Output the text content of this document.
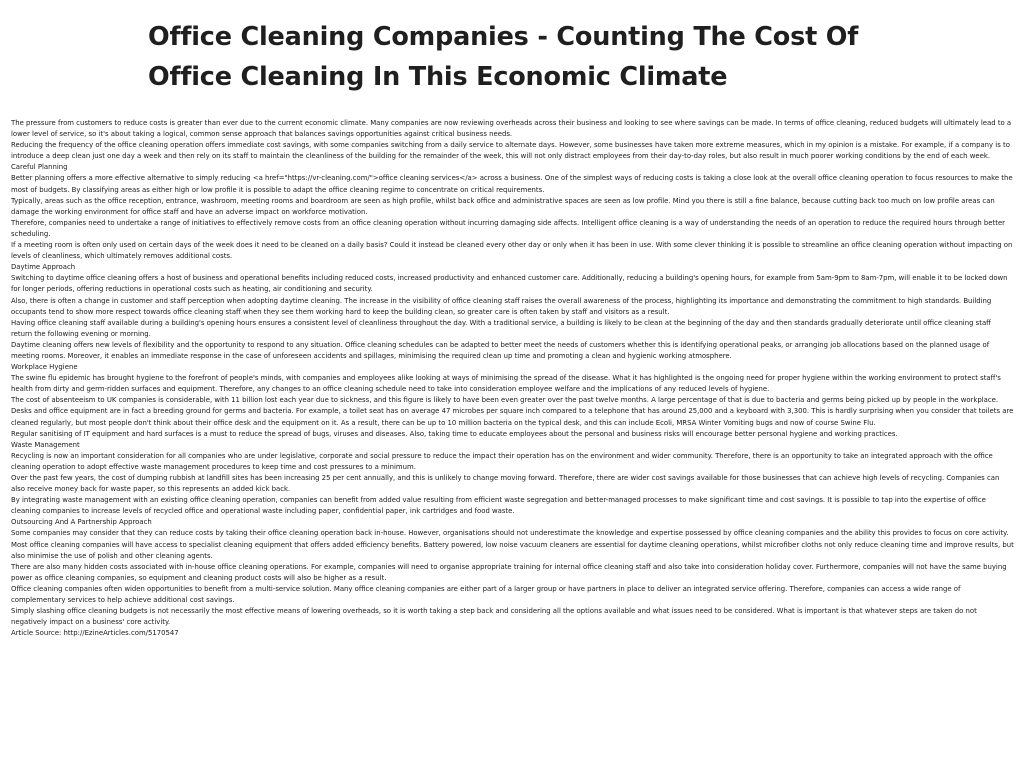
Office Cleaning Companies - Counting The Cost Of Office Cleaning In This Economic Climate

The pressure from customers to reduce costs is greater than ever due to the current economic climate. Many companies are now reviewing overheads across their business and looking to see where savings can be made. In terms of office cleaning, reduced budgets will ultimately lead to a lower level of service, so it's about taking a logical, common sense approach that balances savings opportunities against critical business needs.

Reducing the frequency of the office cleaning operation offers immediate cost savings, with some companies switching from a daily service to alternate days. However, some businesses have taken more extreme measures, which in my opinion is a mistake. For example, if a company is to introduce a deep clean just one day a week and then rely on its staff to maintain the cleanliness of the building for the remainder of the week, this will not only distract employees from their day-to-day roles, but also result in much poorer working conditions by the end of each week.

Careful Planning

Better planning offers a more effective alternative to simply reducing <a href="https://vr-cleaning.com/">office cleaning services</a> across a business. One of the simplest ways of reducing costs is taking a close look at the overall office cleaning operation to focus resources to make the most of budgets. By classifying areas as either high or low profile it is possible to adapt the office cleaning regime to concentrate on critical requirements.

Typically, areas such as the office reception, entrance, washroom, meeting rooms and boardroom are seen as high profile, whilst back office and administrative spaces are seen as low profile. Mind you there is still a fine balance, because cutting back too much on low profile areas can damage the working environment for office staff and have an adverse impact on workforce motivation.

Therefore, companies need to undertake a range of initiatives to effectively remove costs from an office cleaning operation without incurring damaging side affects. Intelligent office cleaning is a way of understanding the needs of an operation to reduce the required hours through better scheduling.

If a meeting room is often only used on certain days of the week does it need to be cleaned on a daily basis? Could it instead be cleaned every other day or only when it has been in use. With some clever thinking it is possible to streamline an office cleaning operation without impacting on levels of cleanliness, which ultimately removes additional costs.

Daytime Approach

Switching to daytime office cleaning offers a host of business and operational benefits including reduced costs, increased productivity and enhanced customer care. Additionally, reducing a building's opening hours, for example from 5am-9pm to 8am-7pm, will enable it to be locked down for longer periods, offering reductions in operational costs such as heating, air conditioning and security.

Also, there is often a change in customer and staff perception when adopting daytime cleaning. The increase in the visibility of office cleaning staff raises the overall awareness of the process, highlighting its importance and demonstrating the commitment to high standards. Building occupants tend to show more respect towards office cleaning staff when they see them working hard to keep the building clean, so greater care is often taken by staff and visitors as a result.

Having office cleaning staff available during a building's opening hours ensures a consistent level of cleanliness throughout the day. With a traditional service, a building is likely to be clean at the beginning of the day and then standards gradually deteriorate until office cleaning staff return the following evening or morning.

Daytime cleaning offers new levels of flexibility and the opportunity to respond to any situation. Office cleaning schedules can be adapted to better meet the needs of customers whether this is identifying operational peaks, or arranging job allocations based on the planned usage of meeting rooms. Moreover, it enables an immediate response in the case of unforeseen accidents and spillages, minimising the required clean up time and promoting a clean and hygienic working atmosphere.

Workplace Hygiene

The swine flu epidemic has brought hygiene to the forefront of people's minds, with companies and employees alike looking at ways of minimising the spread of the disease. What it has highlighted is the ongoing need for proper hygiene within the working environment to protect staff's health from dirty and germ-ridden surfaces and equipment. Therefore, any changes to an office cleaning schedule need to take into consideration employee welfare and the implications of any reduced levels of hygiene.

The cost of absenteeism to UK companies is considerable, with 11 billion lost each year due to sickness, and this figure is likely to have been even greater over the past twelve months. A large percentage of that is due to bacteria and germs being picked up by people in the workplace.

Desks and office equipment are in fact a breeding ground for germs and bacteria. For example, a toilet seat has on average 47 microbes per square inch compared to a telephone that has around 25,000 and a keyboard with 3,300. This is hardly surprising when you consider that toilets are cleaned regularly, but most people don't think about their office desk and the equipment on it. As a result, there can be up to 10 million bacteria on the typical desk, and this can include Ecoli, MRSA Winter Vomiting bugs and now of course Swine Flu.

Regular sanitising of IT equipment and hard surfaces is a must to reduce the spread of bugs, viruses and diseases. Also, taking time to educate employees about the personal and business risks will encourage better personal hygiene and working practices.

Waste Management

Recycling is now an important consideration for all companies who are under legislative, corporate and social pressure to reduce the impact their operation has on the environment and wider community. Therefore, there is an opportunity to take an integrated approach with the office cleaning operation to adopt effective waste management procedures to keep time and cost pressures to a minimum.

Over the past few years, the cost of dumping rubbish at landfill sites has been increasing 25 per cent annually, and this is unlikely to change moving forward. Therefore, there are wider cost savings available for those businesses that can achieve high levels of recycling. Companies can also receive money back for waste paper, so this represents an added kick back.

By integrating waste management with an existing office cleaning operation, companies can benefit from added value resulting from efficient waste segregation and better-managed processes to make significant time and cost savings. It is possible to tap into the expertise of office cleaning companies to increase levels of recycled office and operational waste including paper, confidential paper, ink cartridges and food waste.

Outsourcing And A Partnership Approach

Some companies may consider that they can reduce costs by taking their office cleaning operation back in-house. However, organisations should not underestimate the knowledge and expertise possessed by office cleaning companies and the ability this provides to focus on core activity.

Most office cleaning companies will have access to specialist cleaning equipment that offers added efficiency benefits. Battery powered, low noise vacuum cleaners are essential for daytime cleaning operations, whilst microfiber cloths not only reduce cleaning time and improve results, but also minimise the use of polish and other cleaning agents.

There are also many hidden costs associated with in-house office cleaning operations. For example, companies will need to organise appropriate training for internal office cleaning staff and also take into consideration holiday cover. Furthermore, companies will not have the same buying power as office cleaning companies, so equipment and cleaning product costs will also be higher as a result.

Office cleaning companies often widen opportunities to benefit from a multi-service solution. Many office cleaning companies are either part of a larger group or have partners in place to deliver an integrated service offering. Therefore, companies can access a wide range of complementary services to help achieve additional cost savings.

Simply slashing office cleaning budgets is not necessarily the most effective means of lowering overheads, so it is worth taking a step back and considering all the options available and what issues need to be considered. What is important is that whatever steps are taken do not negatively impact on a business' core activity.

Article Source: http://EzineArticles.com/5170547
